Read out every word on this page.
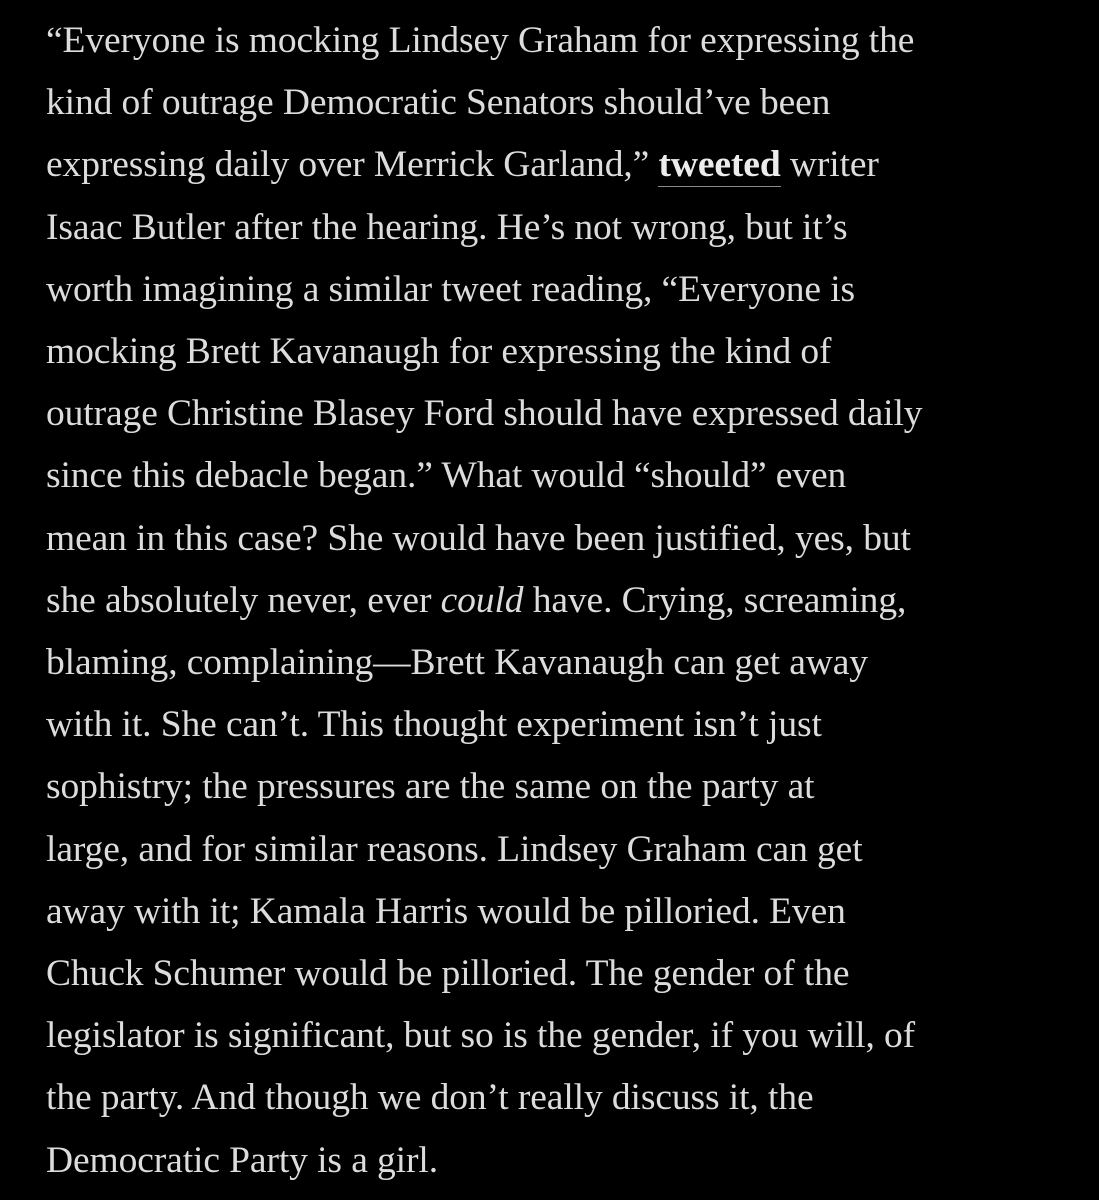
“Everyone is mocking Lindsey Graham for expressing the
kind of outrage Democratic Senators should’ve been
expressing daily over Merrick Garland,” tweeted writer
Isaac Butler after the hearing. He’s not wrong, but it’s
worth imagining a similar tweet reading, “Everyone is
mocking Brett Kavanaugh for expressing the kind of
outrage Christine Blasey Ford should have expressed daily
since this debacle began.” What would “should” even
mean in this case? She would have been justified, yes, but
she absolutely never, ever could have. Crying, screaming,
blaming, complaining—Brett Kavanaugh can get away
with it. She can’t. This thought experiment isn’t just
sophistry; the pressures are the same on the party at
large, and for similar reasons. Lindsey Graham can get
away with it; Kamala Harris would be pilloried. Even
Chuck Schumer would be pilloried. The gender of the
legislator is significant, but so is the gender, if you will, of
the party. And though we don’t really discuss it, the
Democratic Party is a girl.
